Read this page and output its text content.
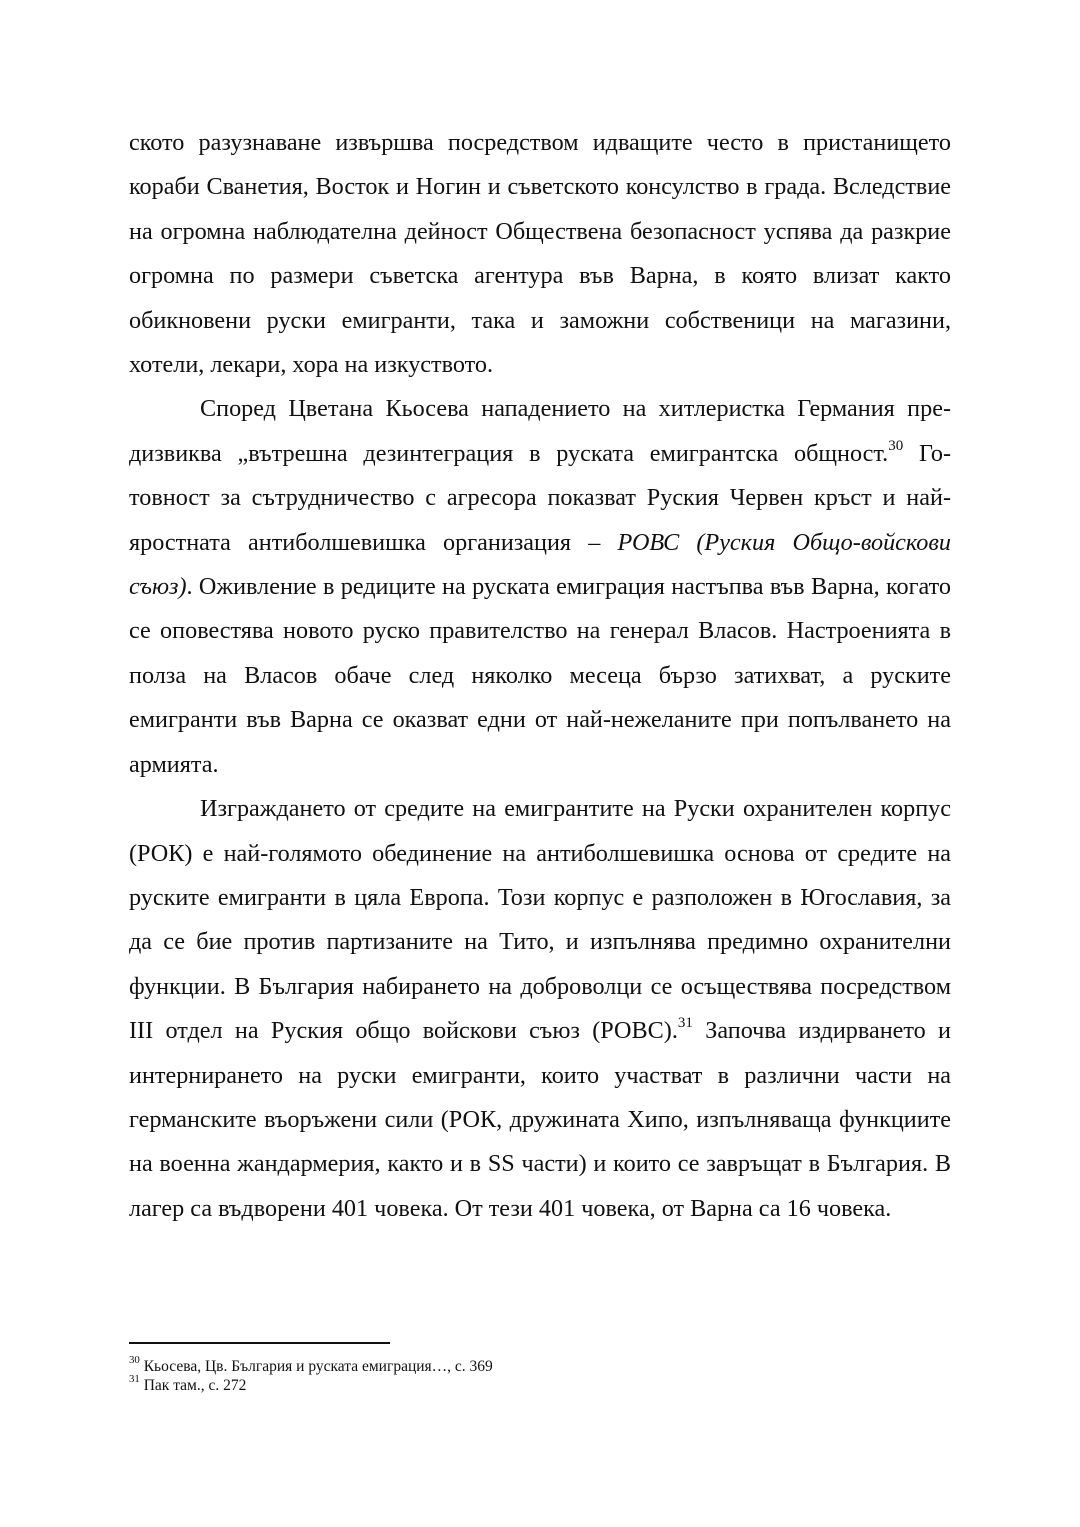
ското разузнаване извършва посредством идващите често в пристанището кораби Сванетия, Восток и Ногин и съветското консулство в града. Вследствие на огромна наблюдателна дейност Обществена безопасност успява да разкрие огромна по размери съветска агентура във Варна, в която влизат както обикновени руски емигранти, така и заможни собственици на магазини, хотели, лекари, хора на изкуството.

Според Цветана Кьосева нападението на хитлеристка Германия предизвиква „вътрешна дезинтеграция в руската емигрантска общност.$^{30}$ Готовност за сътрудничество с агресора показват Руския Червен кръст и найяростната антиболшевишка организация – РОВС (Руския Общо-войскови съюз). Оживление в редиците на руската емиграция настъпва във Варна, когато се оповестява новото руско правителство на генерал Власов. Настроенията в полза на Власов обаче след няколко месеца бързо затихват, а руските емигранти във Варна се оказват едни от най-нежеланите при попълването на армията.

Изграждането от средите на емигрантите на Руски охранителен корпус (РОК) е най-голямото обединение на антиболшевишка основа от средите на руските емигранти в цяла Европа. Този корпус е разположен в Югославия, за да се бие против партизаните на Тито, и изпълнява предимно охранителни функции. В България набирането на доброволци се осъществява посредством III отдел на Руския общо войскови съюз (РОВС).$^{31}$ Започва издирването и интернирането на руски емигранти, които участват в различни части на германските въоръжени сили (РОК, дружината Хипо, изпълняваща функциите на военна жандармерия, както и в SS части) и които се завръщат в България. В лагер са въдворени 401 човека. От тези 401 човека, от Варна са 16 човека.

$^{30}$ Кьосева, Цв. България и руската емиграция…, с. 369

$^{31}$ Пак там., с. 272
